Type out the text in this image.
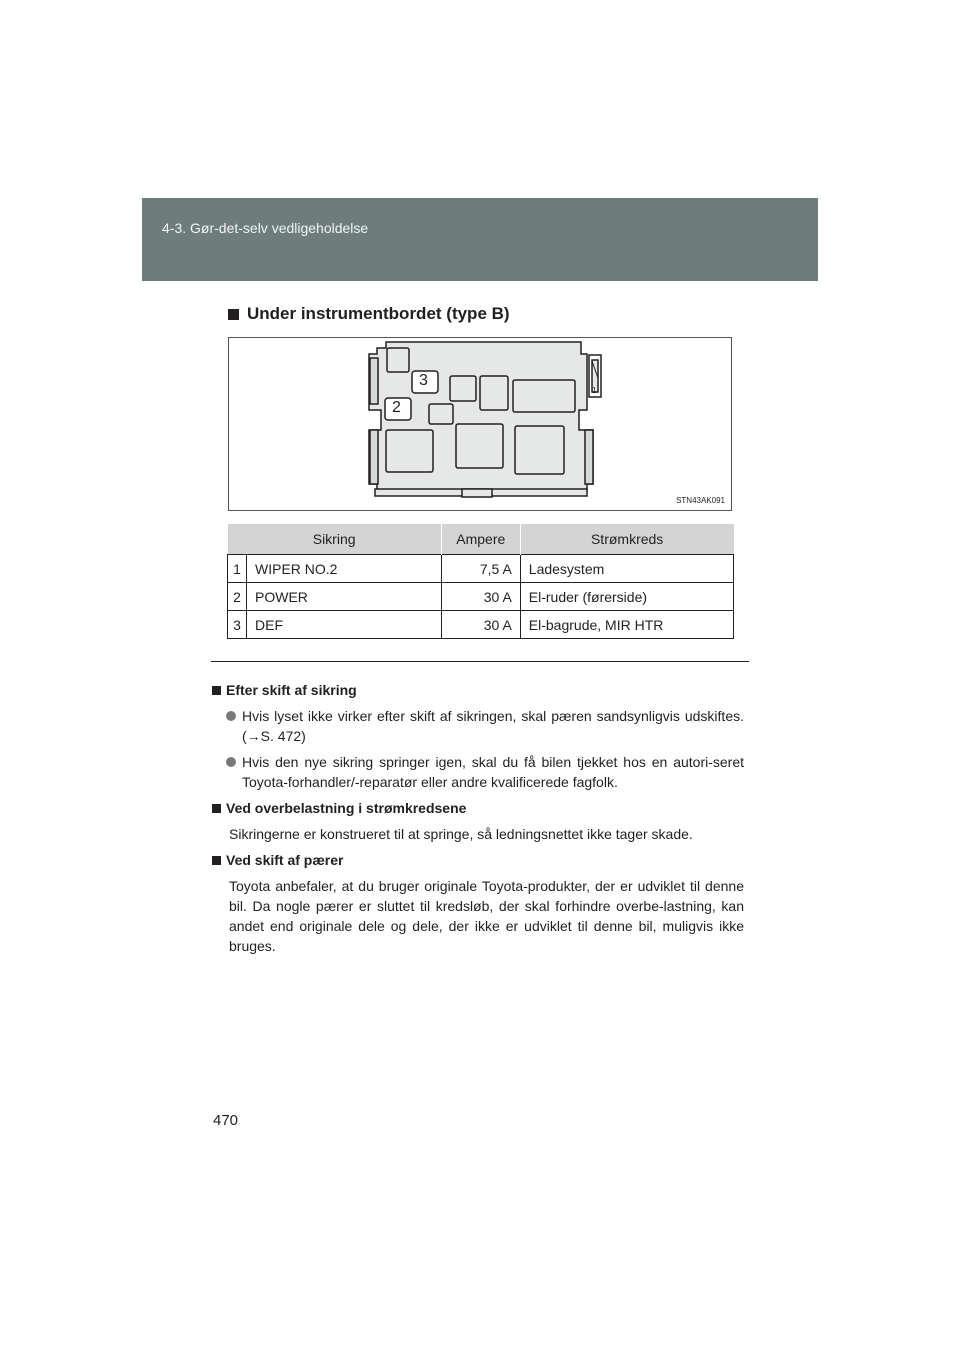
4-3. Gør-det-selv vedligeholdelse
Under instrumentbordet (type B)
3
2
1
STN43AK091
Sikring		Ampere	Strømkreds
1	WIPER NO.2	7,5 A	Ladesystem
2	POWER	30 A	El-ruder (førerside)
3	DEF	30 A	El-bagrude, MIR HTR
Efter skift af sikring
Hvis lyset ikke virker efter skift af sikringen, skal pæren sandsynligvis udskiftes. (→S. 472)
Hvis den nye sikring springer igen, skal du få bilen tjekket hos en autori-seret Toyota-forhandler/-reparatør eller andre kvalificerede fagfolk.
Ved overbelastning i strømkredsene
Sikringerne er konstrueret til at springe, så ledningsnettet ikke tager skade.
Ved skift af pærer
Toyota anbefaler, at du bruger originale Toyota-produkter, der er udviklet til denne bil. Da nogle pærer er sluttet til kredsløb, der skal forhindre overbe-lastning, kan andet end originale dele og dele, der ikke er udviklet til denne bil, muligvis ikke bruges.
470
